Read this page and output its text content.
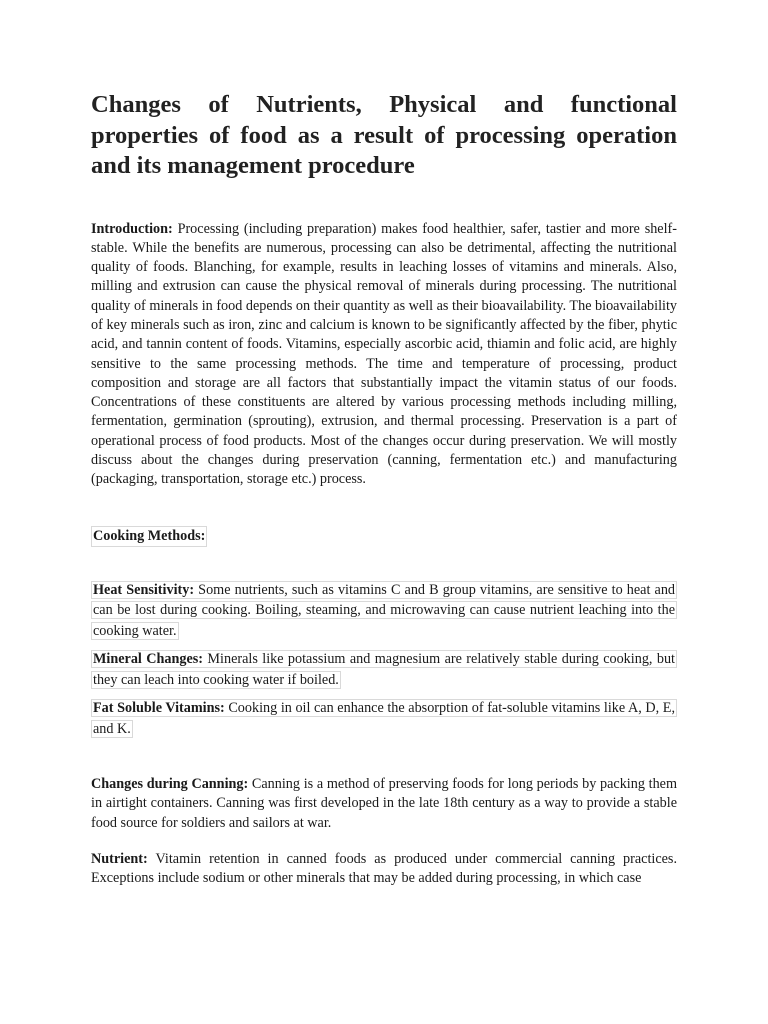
Changes of Nutrients, Physical and functional properties of food as a result of processing operation and its management procedure

Introduction: Processing (including preparation) makes food healthier, safer, tastier and more shelf-stable. While the benefits are numerous, processing can also be detrimental, affecting the nutritional quality of foods. Blanching, for example, results in leaching losses of vitamins and minerals. Also, milling and extrusion can cause the physical removal of minerals during processing. The nutritional quality of minerals in food depends on their quantity as well as their bioavailability. The bioavailability of key minerals such as iron, zinc and calcium is known to be significantly affected by the fiber, phytic acid, and tannin content of foods. Vitamins, especially ascorbic acid, thiamin and folic acid, are highly sensitive to the same processing methods. The time and temperature of processing, product composition and storage are all factors that substantially impact the vitamin status of our foods. Concentrations of these constituents are altered by various processing methods including milling, fermentation, germination (sprouting), extrusion, and thermal processing. Preservation is a part of operational process of food products. Most of the changes occur during preservation. We will mostly discuss about the changes during preservation (canning, fermentation etc.) and manufacturing (packaging, transportation, storage etc.) process.

Cooking Methods:

Heat Sensitivity: Some nutrients, such as vitamins C and B group vitamins, are sensitive to heat and can be lost during cooking. Boiling, steaming, and microwaving can cause nutrient leaching into the cooking water.

Mineral Changes: Minerals like potassium and magnesium are relatively stable during cooking, but they can leach into cooking water if boiled.

Fat Soluble Vitamins: Cooking in oil can enhance the absorption of fat-soluble vitamins like A, D, E, and K.

Changes during Canning: Canning is a method of preserving foods for long periods by packing them in airtight containers. Canning was first developed in the late 18th century as a way to provide a stable food source for soldiers and sailors at war.

Nutrient: Vitamin retention in canned foods as produced under commercial canning practices. Exceptions include sodium or other minerals that may be added during processing, in which case
